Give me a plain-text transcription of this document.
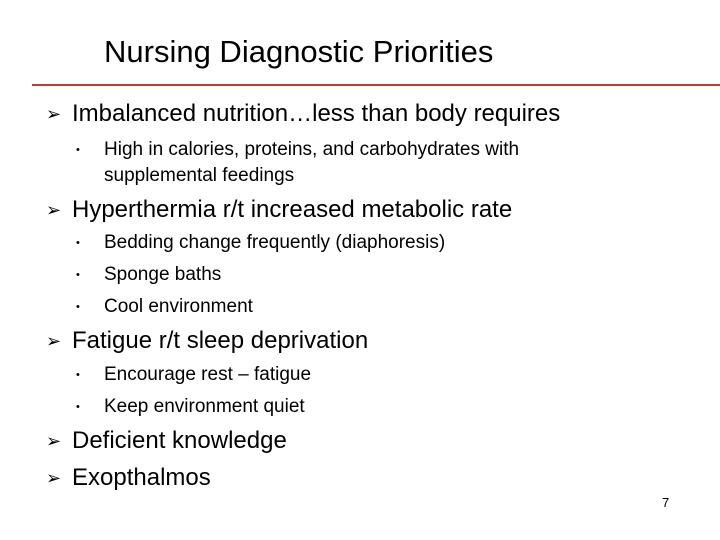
Nursing Diagnostic Priorities
➢ Imbalanced nutrition…less than body requires
•	High in calories, proteins, and carbohydrates with
supplemental feedings
➢ Hyperthermia r/t increased metabolic rate
•	Bedding change frequently (diaphoresis)
•	Sponge baths
•	Cool environment
➢ Fatigue r/t sleep deprivation
•	Encourage rest – fatigue
•	Keep environment quiet
➢ Deficient knowledge
➢ Exopthalmos
7
